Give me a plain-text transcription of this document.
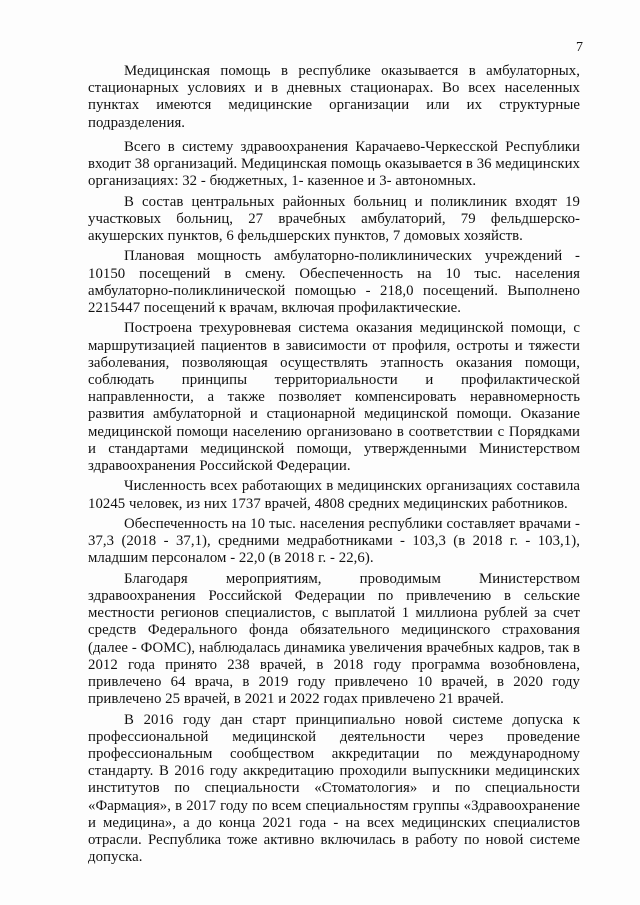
7

Медицинская помощь в республике оказывается в амбулаторных, стационарных условиях и в дневных стационарах. Во всех населенных пунктах имеются медицинские организации или их структурные подразделения.

Всего в систему здравоохранения Карачаево-Черкесской Республики входит 38 организаций. Медицинская помощь оказывается в 36 медицинских организациях: 32 - бюджетных, 1- казенное и 3- автономных.

В состав центральных районных больниц и поликлиник входят 19 участковых больниц, 27 врачебных амбулаторий, 79 фельдшерско-акушерских пунктов, 6 фельдшерских пунктов, 7 домовых хозяйств.

Плановая мощность амбулаторно-поликлинических учреждений - 10150 посещений в смену. Обеспеченность на 10 тыс. населения амбулаторно-поликлинической помощью - 218,0 посещений. Выполнено 2215447 посещений к врачам, включая профилактические.

Построена трехуровневая система оказания медицинской помощи, с маршрутизацией пациентов в зависимости от профиля, остроты и тяжести заболевания, позволяющая осуществлять этапность оказания помощи, соблюдать принципы территориальности и профилактической направленности, а также позволяет компенсировать неравномерность развития амбулаторной и стационарной медицинской помощи. Оказание медицинской помощи населению организовано в соответствии с Порядками и стандартами медицинской помощи, утвержденными Министерством здравоохранения Российской Федерации.

Численность всех работающих в медицинских организациях составила 10245 человек, из них 1737 врачей, 4808 средних медицинских работников.

Обеспеченность на 10 тыс. населения республики составляет врачами - 37,3 (2018 - 37,1), средними медработниками - 103,3 (в 2018 г. - 103,1), младшим персоналом - 22,0 (в 2018 г. - 22,6).

Благодаря мероприятиям, проводимым Министерством здравоохранения Российской Федерации по привлечению в сельские местности регионов специалистов, с выплатой 1 миллиона рублей за счет средств Федерального фонда обязательного медицинского страхования (далее - ФОМС), наблюдалась динамика увеличения врачебных кадров, так в 2012 года принято 238 врачей, в 2018 году программа возобновлена, привлечено 64 врача, в 2019 году привлечено 10 врачей, в 2020 году привлечено 25 врачей, в 2021 и 2022 годах привлечено 21 врачей.

В 2016 году дан старт принципиально новой системе допуска к профессиональной медицинской деятельности через проведение профессиональным сообществом аккредитации по международному стандарту. В 2016 году аккредитацию проходили выпускники медицинских институтов по специальности «Стоматология» и по специальности «Фармация», в 2017 году по всем специальностям группы «Здравоохранение и медицина», а до конца 2021 года - на всех медицинских специалистов отрасли. Республика тоже активно включилась в работу по новой системе допуска.
